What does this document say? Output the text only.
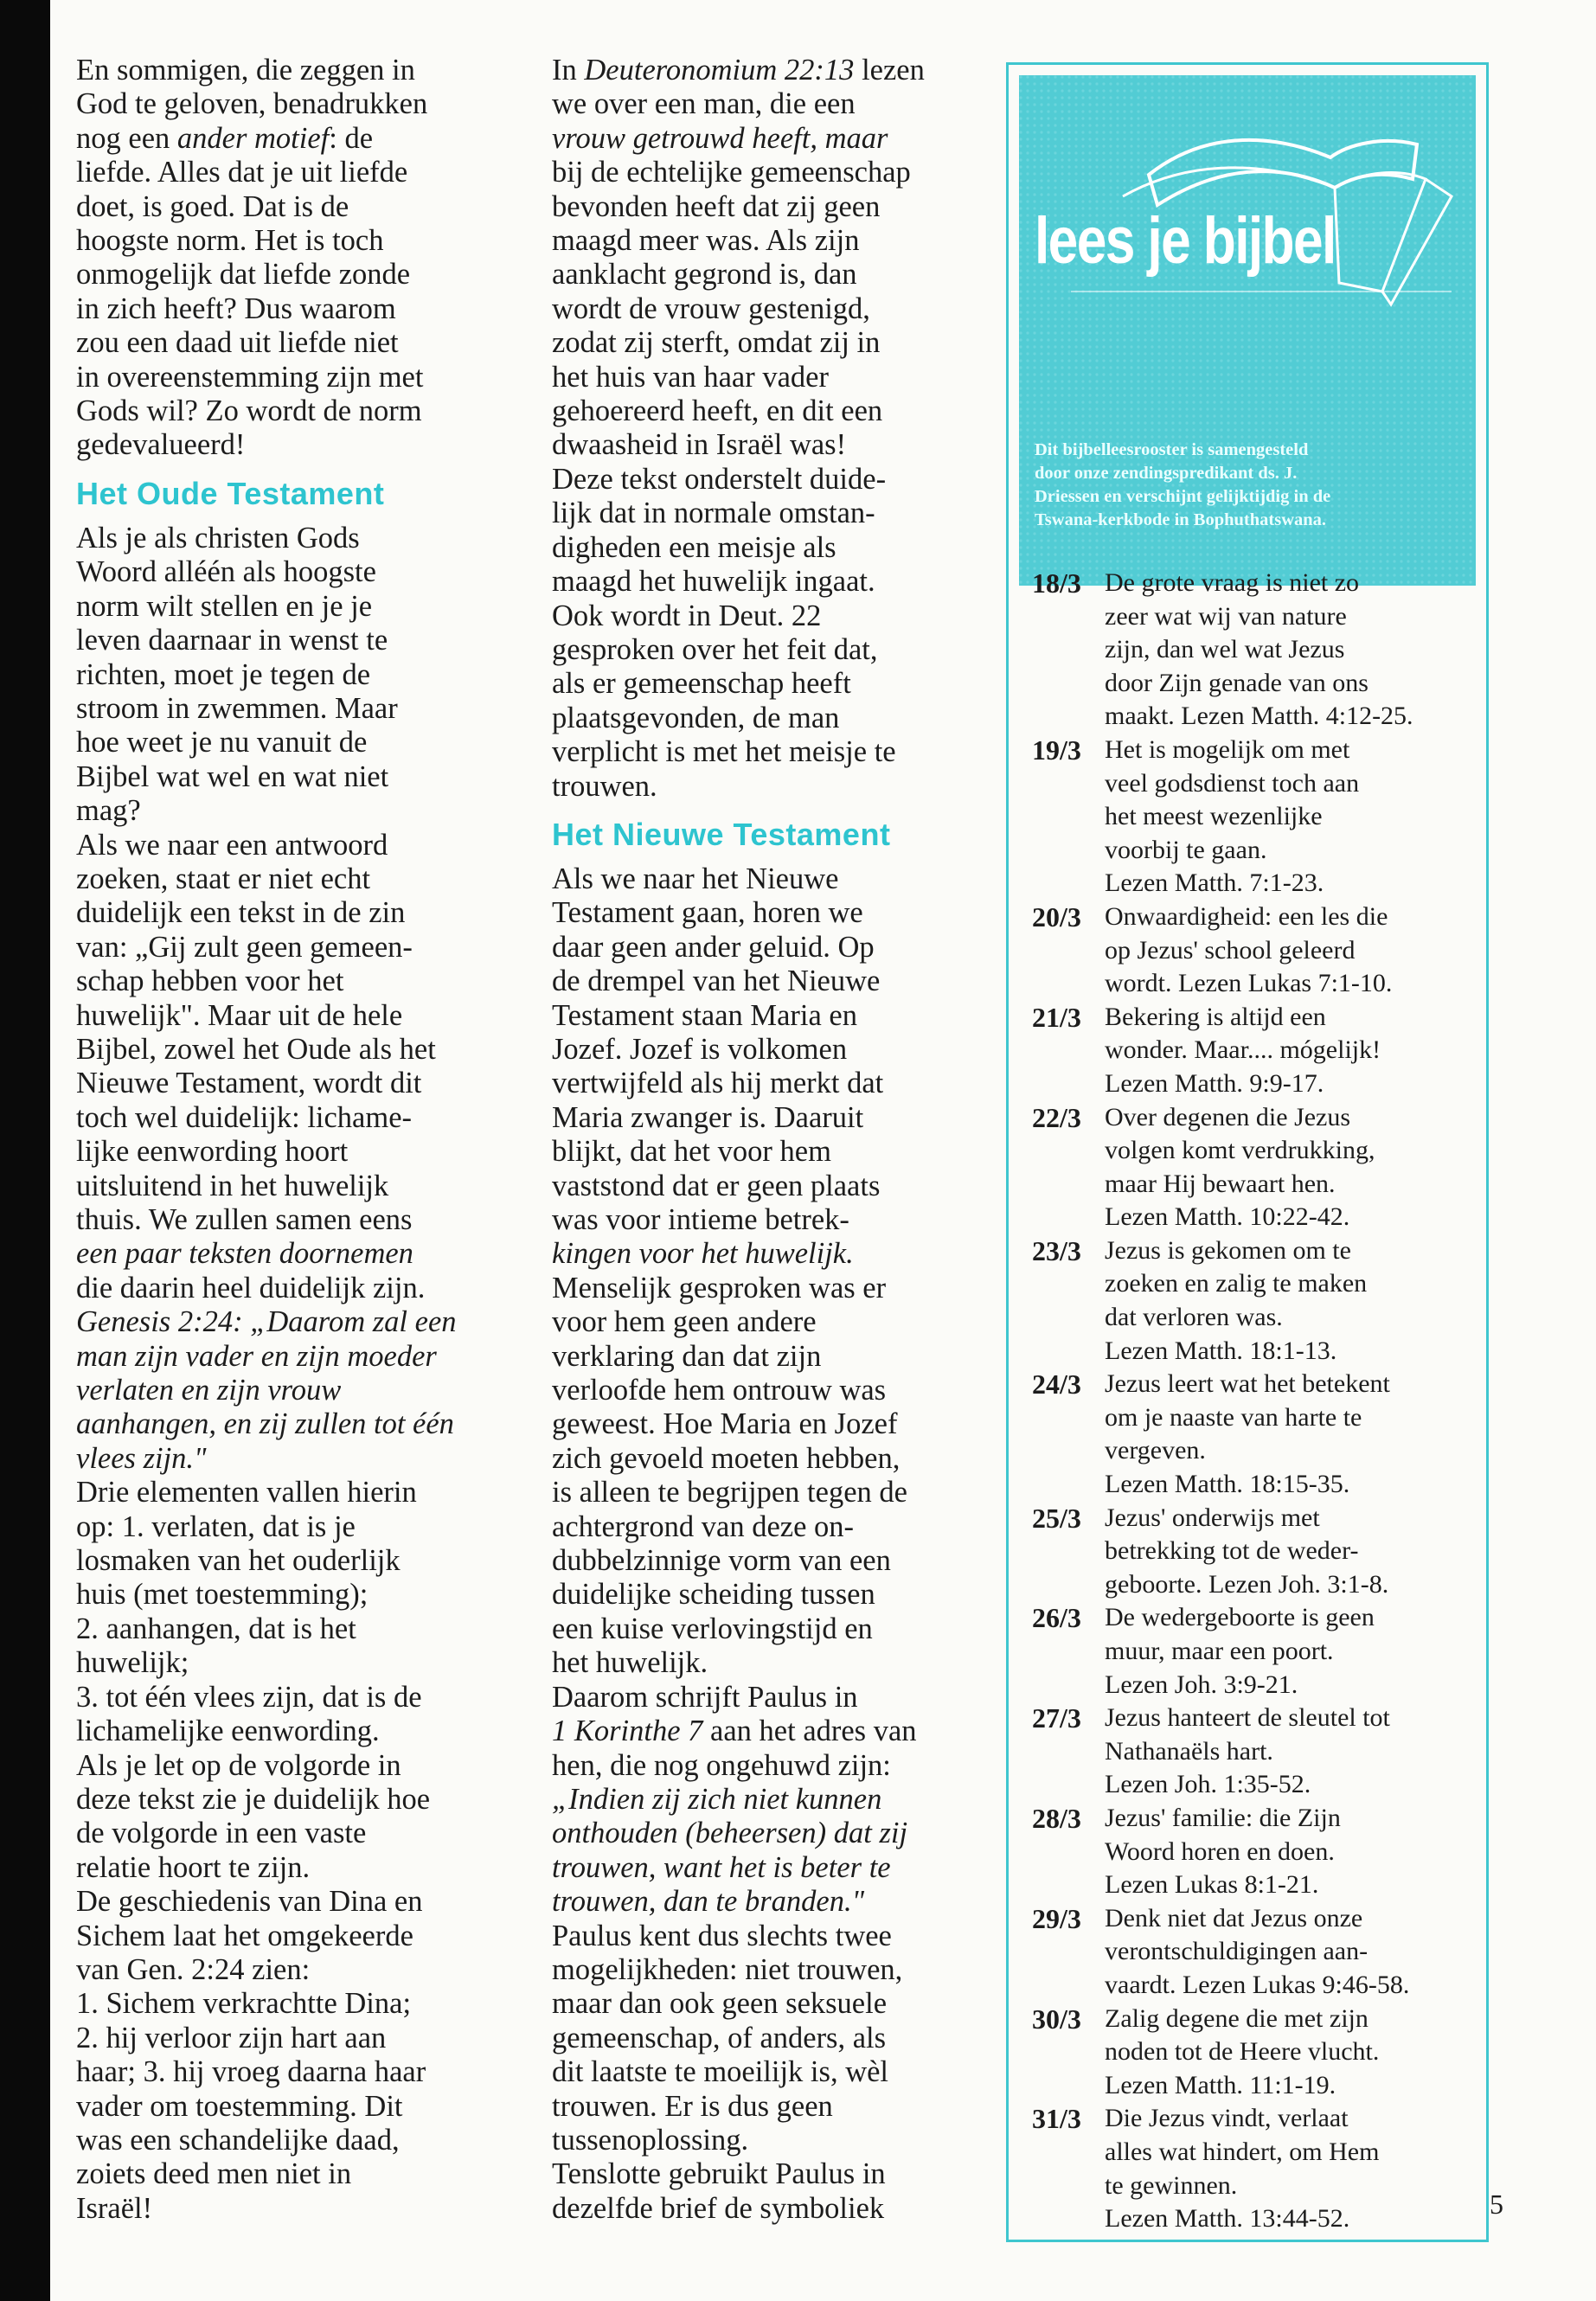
En sommigen, die zeggen in
God te geloven, benadrukken
nog een ander motief: de
liefde. Alles dat je uit liefde
doet, is goed. Dat is de
hoogste norm. Het is toch
onmogelijk dat liefde zonde
in zich heeft? Dus waarom
zou een daad uit liefde niet
in overeenstemming zijn met
Gods wil? Zo wordt de norm
gedevalueerd!

Het Oude Testament

Als je als christen Gods
Woord alléén als hoogste
norm wilt stellen en je je
leven daarnaar in wenst te
richten, moet je tegen de
stroom in zwemmen. Maar
hoe weet je nu vanuit de
Bijbel wat wel en wat niet
mag?
Als we naar een antwoord
zoeken, staat er niet echt
duidelijk een tekst in de zin
van: „Gij zult geen gemeen-
schap hebben voor het
huwelijk". Maar uit de hele
Bijbel, zowel het Oude als het
Nieuwe Testament, wordt dit
toch wel duidelijk: lichame-
lijke eenwording hoort
uitsluitend in het huwelijk
thuis. We zullen samen eens
een paar teksten doornemen
die daarin heel duidelijk zijn.
Genesis 2:24: „Daarom zal een
man zijn vader en zijn moeder
verlaten en zijn vrouw
aanhangen, en zij zullen tot één
vlees zijn."
Drie elementen vallen hierin
op: 1. verlaten, dat is je
losmaken van het ouderlijk
huis (met toestemming);
2. aanhangen, dat is het
huwelijk;
3. tot één vlees zijn, dat is de
lichamelijke eenwording.
Als je let op de volgorde in
deze tekst zie je duidelijk hoe
de volgorde in een vaste
relatie hoort te zijn.
De geschiedenis van Dina en
Sichem laat het omgekeerde
van Gen. 2:24 zien:
1. Sichem verkrachtte Dina;
2. hij verloor zijn hart aan
haar; 3. hij vroeg daarna haar
vader om toestemming. Dit
was een schandelijke daad,
zoiets deed men niet in
Israël!

In Deuteronomium 22:13 lezen
we over een man, die een
vrouw getrouwd heeft, maar
bij de echtelijke gemeenschap
bevonden heeft dat zij geen
maagd meer was. Als zijn
aanklacht gegrond is, dan
wordt de vrouw gestenigd,
zodat zij sterft, omdat zij in
het huis van haar vader
gehoereerd heeft, en dit een
dwaasheid in Israël was!
Deze tekst onderstelt duide-
lijk dat in normale omstan-
digheden een meisje als
maagd het huwelijk ingaat.
Ook wordt in Deut. 22
gesproken over het feit dat,
als er gemeenschap heeft
plaatsgevonden, de man
verplicht is met het meisje te
trouwen.

Het Nieuwe Testament

Als we naar het Nieuwe
Testament gaan, horen we
daar geen ander geluid. Op
de drempel van het Nieuwe
Testament staan Maria en
Jozef. Jozef is volkomen
vertwijfeld als hij merkt dat
Maria zwanger is. Daaruit
blijkt, dat het voor hem
vaststond dat er geen plaats
was voor intieme betrek-
kingen voor het huwelijk.
Menselijk gesproken was er
voor hem geen andere
verklaring dan dat zijn
verloofde hem ontrouw was
geweest. Hoe Maria en Jozef
zich gevoeld moeten hebben,
is alleen te begrijpen tegen de
achtergrond van deze on-
dubbelzinnige vorm van een
duidelijke scheiding tussen
een kuise verlovingstijd en
het huwelijk.
Daarom schrijft Paulus in
1 Korinthe 7 aan het adres van
hen, die nog ongehuwd zijn:
„Indien zij zich niet kunnen
onthouden (beheersen) dat zij
trouwen, want het is beter te
trouwen, dan te branden."
Paulus kent dus slechts twee
mogelijkheden: niet trouwen,
maar dan ook geen seksuele
gemeenschap, of anders, als
dit laatste te moeilijk is, wèl
trouwen. Er is dus geen
tussenoplossing.
Tenslotte gebruikt Paulus in
dezelfde brief de symboliek

lees je bijbel
Dit bijbelleesrooster is samengesteld
door onze zendingspredikant ds. J.
Driessen en verschijnt gelijktijdig in de
Tswana-kerkbode in Bophuthatswana.
18/3 De grote vraag is niet zo
zeer wat wij van nature
zijn, dan wel wat Jezus
door Zijn genade van ons
maakt. Lezen Matth. 4:12-25.
19/3 Het is mogelijk om met
veel godsdienst toch aan
het meest wezenlijke
voorbij te gaan.
Lezen Matth. 7:1-23.
20/3 Onwaardigheid: een les die
op Jezus' school geleerd
wordt. Lezen Lukas 7:1-10.
21/3 Bekering is altijd een
wonder. Maar.... mógelijk!
Lezen Matth. 9:9-17.
22/3 Over degenen die Jezus
volgen komt verdrukking,
maar Hij bewaart hen.
Lezen Matth. 10:22-42.
23/3 Jezus is gekomen om te
zoeken en zalig te maken
dat verloren was.
Lezen Matth. 18:1-13.
24/3 Jezus leert wat het betekent
om je naaste van harte te
vergeven.
Lezen Matth. 18:15-35.
25/3 Jezus' onderwijs met
betrekking tot de weder-
geboorte. Lezen Joh. 3:1-8.
26/3 De wedergeboorte is geen
muur, maar een poort.
Lezen Joh. 3:9-21.
27/3 Jezus hanteert de sleutel tot
Nathanaëls hart.
Lezen Joh. 1:35-52.
28/3 Jezus' familie: die Zijn
Woord horen en doen.
Lezen Lukas 8:1-21.
29/3 Denk niet dat Jezus onze
verontschuldigingen aan-
vaardt. Lezen Lukas 9:46-58.
30/3 Zalig degene die met zijn
noden tot de Heere vlucht.
Lezen Matth. 11:1-19.
31/3 Die Jezus vindt, verlaat
alles wat hindert, om Hem
te gewinnen.
Lezen Matth. 13:44-52.	5
